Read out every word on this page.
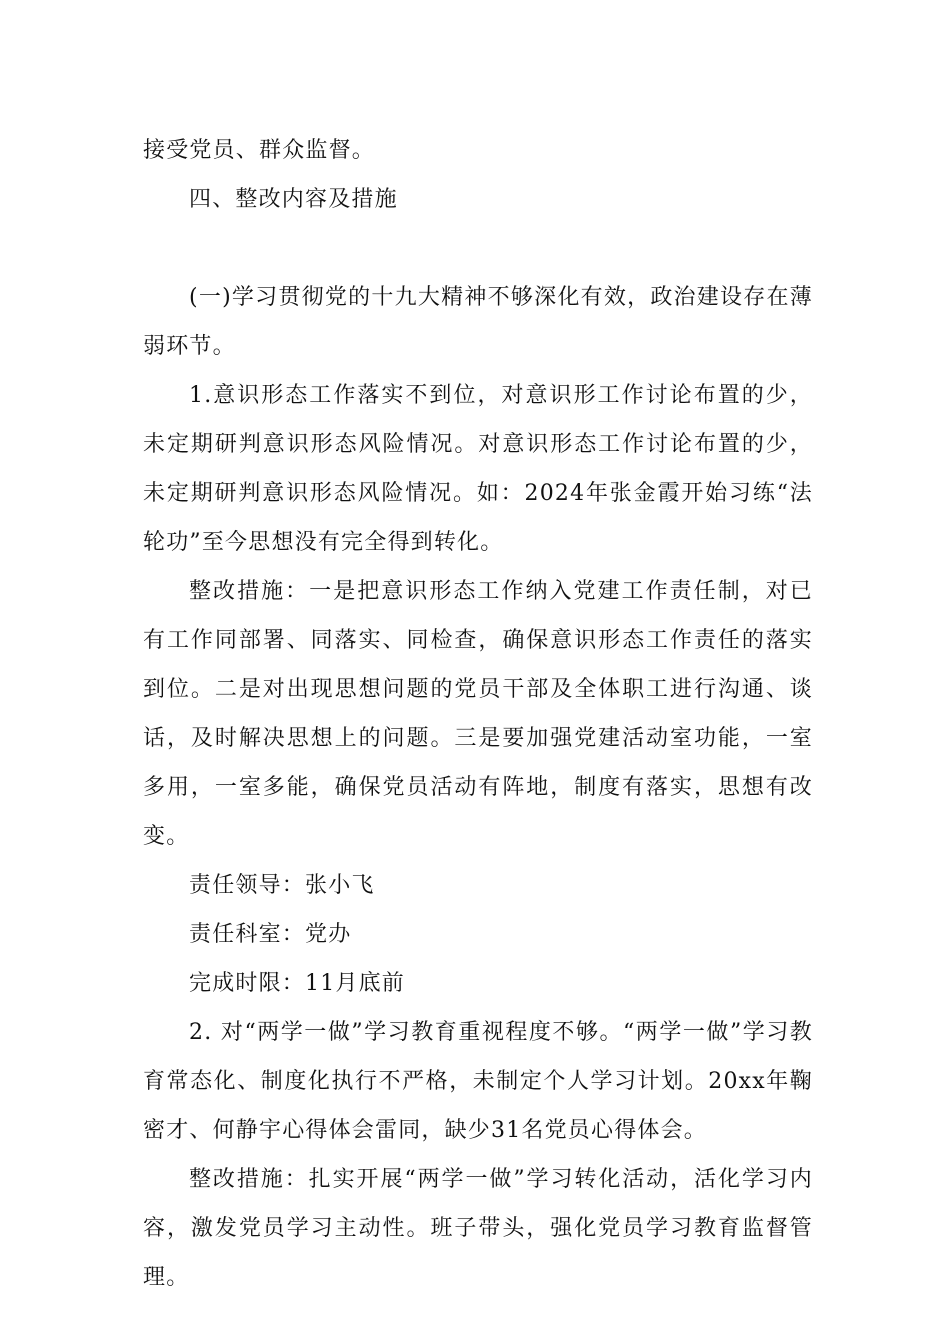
接受党员、群众监督。

四、整改内容及措施

(一)学习贯彻党的十九大精神不够深化有效，政治建设存在薄弱环节。

1.意识形态工作落实不到位，对意识形工作讨论布置的少，未定期研判意识形态风险情况。对意识形态工作讨论布置的少，未定期研判意识形态风险情况。如：2024年张金霞开始习练“法轮功”至今思想没有完全得到转化。

整改措施：一是把意识形态工作纳入党建工作责任制，对已有工作同部署、同落实、同检查，确保意识形态工作责任的落实到位。二是对出现思想问题的党员干部及全体职工进行沟通、谈话，及时解决思想上的问题。三是要加强党建活动室功能，一室多用，一室多能，确保党员活动有阵地，制度有落实，思想有改变。

责任领导：张小飞

责任科室：党办

完成时限：11月底前

2. 对“两学一做”学习教育重视程度不够。“两学一做”学习教育常态化、制度化执行不严格，未制定个人学习计划。20xx年鞠密才、何静宇心得体会雷同，缺少31名党员心得体会。

整改措施：扎实开展“两学一做”学习转化活动，活化学习内容，激发党员学习主动性。班子带头，强化党员学习教育监督管理。
